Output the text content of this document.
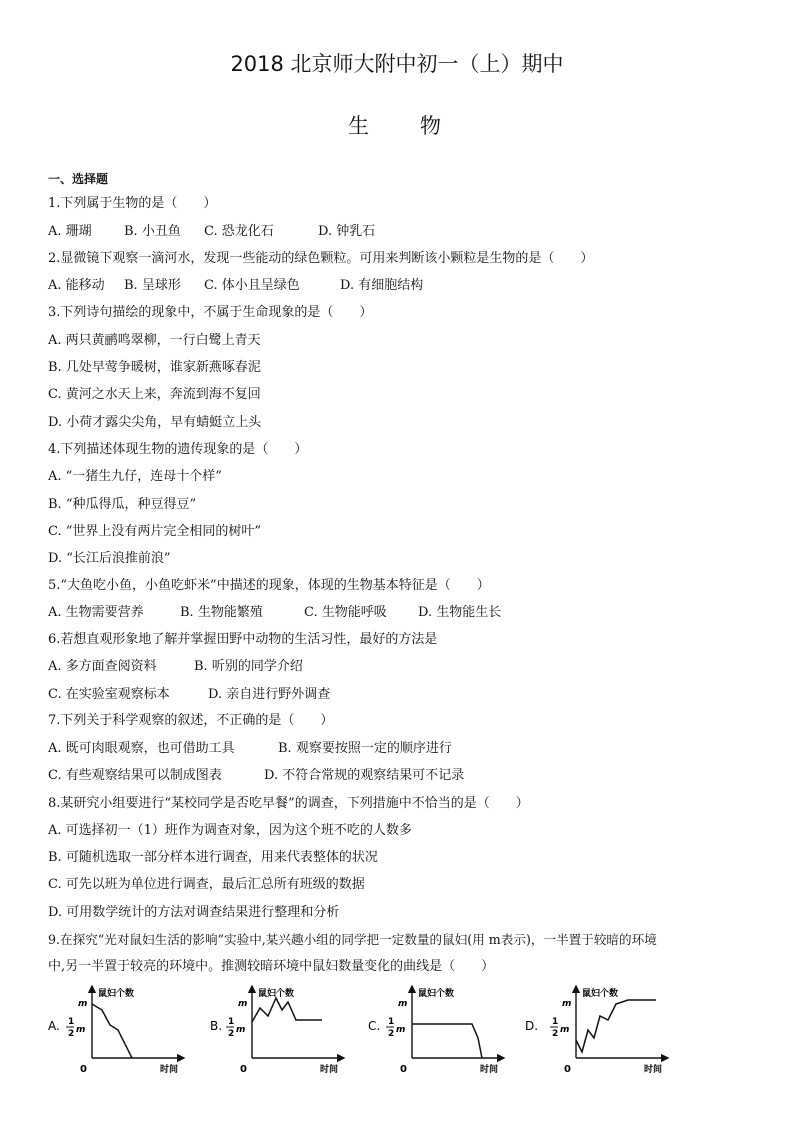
2018 北京师大附中初一（上）期中
生 物
一、选择题
1.下列属于生物的是（　　）
A. 珊瑚 B. 小丑鱼 C. 恐龙化石	D. 钟乳石
2.显微镜下观察一滴河水，发现一些能动的绿色颗粒。可用来判断该小颗粒是生物的是（　　）
A. 能移动 B. 呈球形 C. 体小且呈绿色	D. 有细胞结构
3.下列诗句描绘的现象中，不属于生命现象的是（　　）
A. 两只黄鹂鸣翠柳，一行白鹭上青天
B. 几处早莺争暖树，谁家新燕啄春泥
C. 黄河之水天上来，奔流到海不复回
D. 小荷才露尖尖角，早有蜻蜓立上头
4.下列描述体现生物的遗传现象的是（　　）
A. “一猪生九仔，连母十个样”
B. “种瓜得瓜，种豆得豆”
C. “世界上没有两片完全相同的树叶”
D. “长江后浪推前浪”
5.“大鱼吃小鱼，小鱼吃虾米”中描述的现象，体现的生物基本特征是（　　）
A. 生物需要营养	B. 生物能繁殖	C. 生物能呼吸 D. 生物能生长
6.若想直观形象地了解并掌握田野中动物的生活习性，最好的方法是
A. 多方面查阅资料	B. 听别的同学介绍
C. 在实验室观察标本	D. 亲自进行野外调查
7.下列关于科学观察的叙述，不正确的是（　　）
A. 既可肉眼观察，也可借助工具	B. 观察要按照一定的顺序进行
C. 有些观察结果可以制成图表	D. 不符合常规的观察结果可不记录
8.某研究小组要进行“某校同学是否吃早餐”的调查，下列措施中不恰当的是（　　）
A. 可选择初一（1）班作为调查对象，因为这个班不吃的人数多
B. 可随机选取一部分样本进行调查，用来代表整体的状况
C. 可先以班为单位进行调查，最后汇总所有班级的数据
D. 可用数学统计的方法对调查结果进行整理和分析
9.在探究“光对鼠妇生活的影响”实验中,某兴趣小组的同学把一定数量的鼠妇(用 m表示)，一半置于较暗的环境
中,另一半置于较亮的环境中。推测较暗环境中鼠妇数量变化的曲线是（　　）
A.
鼠妇个数
时间
0
m
1
2 m	B.
鼠妇个数
时间
0
m
1
2 m	C.
鼠妇个数
时间
0
m
1
2 m	D.
鼠妇个数
时间
0
m
1
2 m
